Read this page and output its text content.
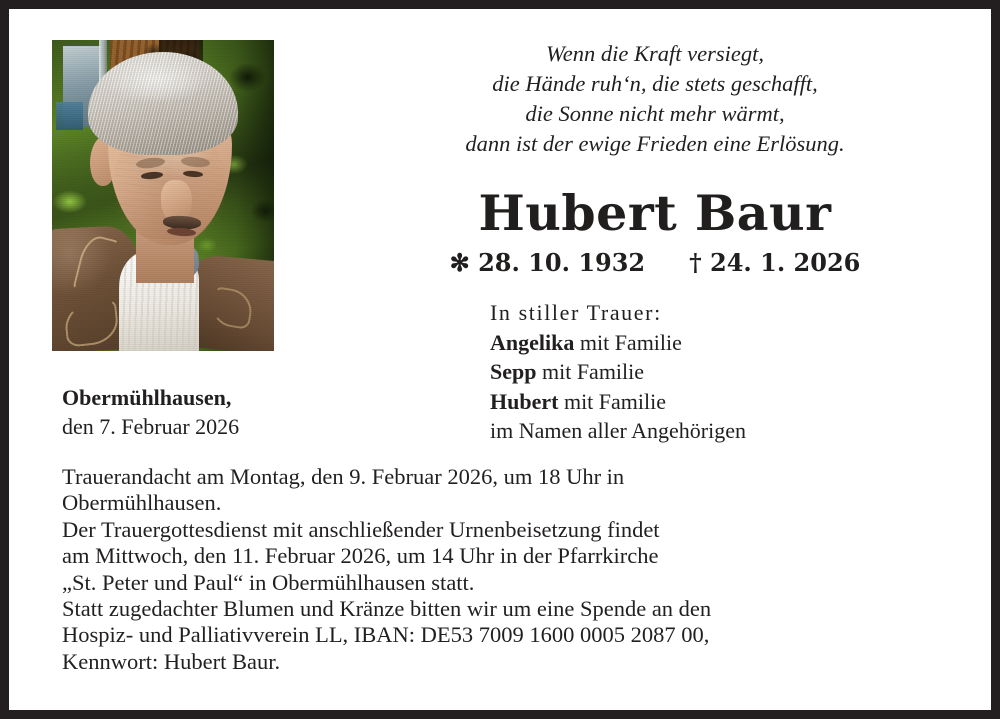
Wenn die Kraft versiegt,
die Hände ruh‘n, die stets geschafft,
die Sonne nicht mehr wärmt,
dann ist der ewige Frieden eine Erlösung.
Hubert Baur
✻ 28. 10. 1932 † 24. 1. 2026
In stiller Trauer:
Angelika mit Familie
Sepp mit Familie
Hubert mit Familie
im Namen aller Angehörigen
Obermühlhausen,
den 7. Februar 2026
Trauerandacht am Montag, den 9. Februar 2026, um 18 Uhr in
Obermühlhausen.
Der Trauergottesdienst mit anschließender Urnenbeisetzung findet
am Mittwoch, den 11. Februar 2026, um 14 Uhr in der Pfarrkirche
„St. Peter und Paul“ in Obermühlhausen statt.
Statt zugedachter Blumen und Kränze bitten wir um eine Spende an den
Hospiz- und Palliativverein LL, IBAN: DE53 7009 1600 0005 2087 00,
Kennwort: Hubert Baur.
